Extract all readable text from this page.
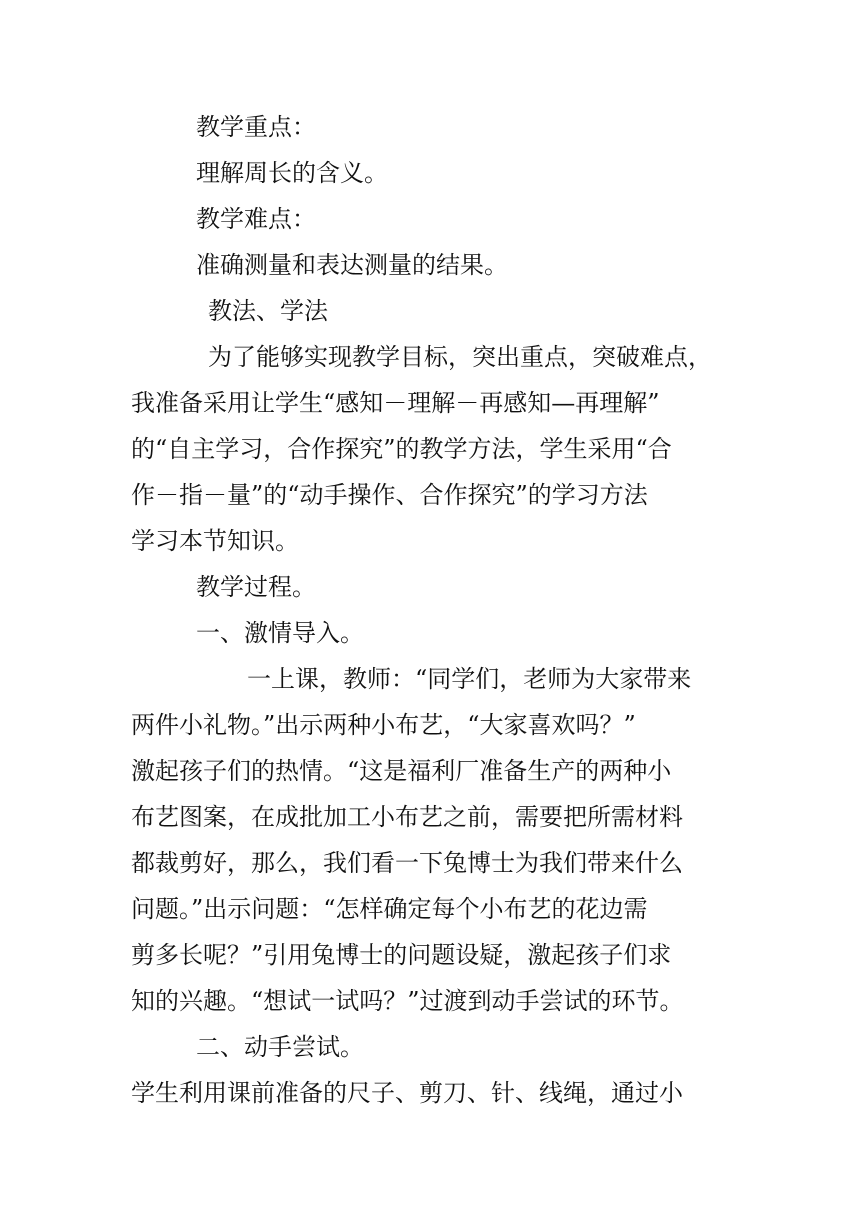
教学重点：

理解周长的含义。

教学难点：

准确测量和表达测量的结果。

教法、学法

为了能够实现教学目标，突出重点，突破难点，

我准备采用让学生“感知－理解－再感知—再理解”

的“自主学习，合作探究”的教学方法，学生采用“合

作－指－量”的“动手操作、合作探究”的学习方法

学习本节知识。

教学过程。

一、激情导入。

一上课，教师：“同学们，老师为大家带来

两件小礼物。”出示两种小布艺，“大家喜欢吗？”

激起孩子们的热情。“这是福利厂准备生产的两种小

布艺图案，在成批加工小布艺之前，需要把所需材料

都裁剪好，那么，我们看一下兔博士为我们带来什么

问题。”出示问题：“怎样确定每个小布艺的花边需

剪多长呢？”引用兔博士的问题设疑，激起孩子们求

知的兴趣。“想试一试吗？”过渡到动手尝试的环节。

二、动手尝试。

学生利用课前准备的尺子、剪刀、针、线绳，通过小
